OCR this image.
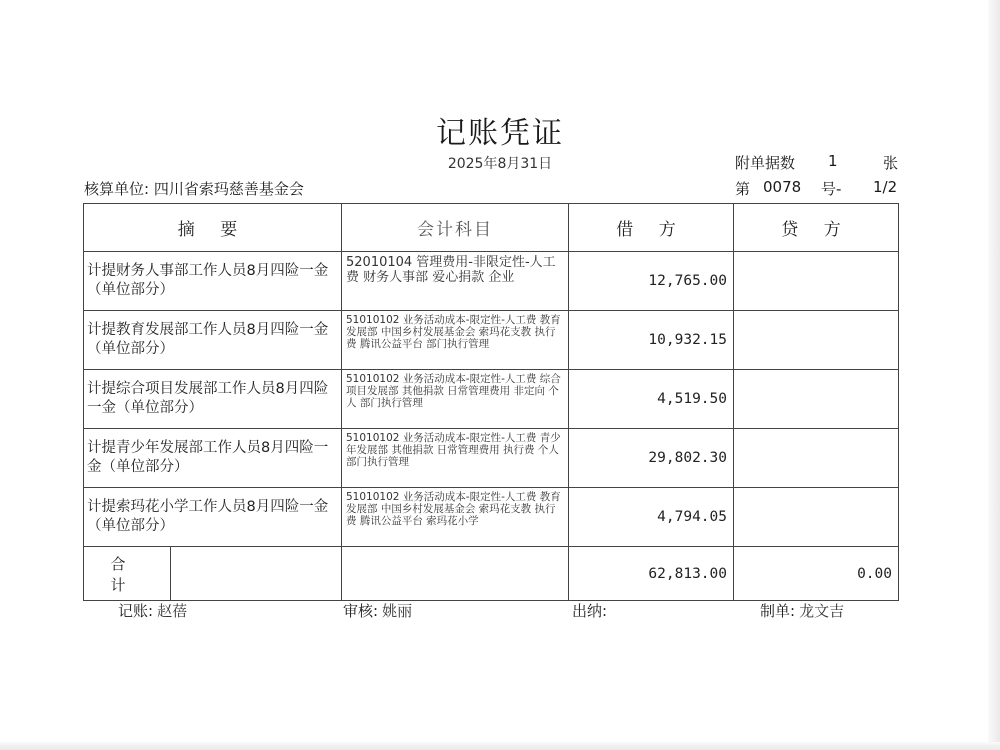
记账凭证
2025年8月31日	附单据数 1	张
核算单位: 四川省索玛慈善基金会	第 0078 号- 1/2
摘 要	会计科目	借 方	贷 方
计提财务人事部工作人员8月四险一金（单位部分）	52010104 管理费用-非限定性-人工费 财务人事部 爱心捐款 企业	12,765.00	
计提教育发展部工作人员8月四险一金（单位部分）	51010102 业务活动成本-限定性-人工费 教育发展部 中国乡村发展基金会 索玛花支教 执行费 腾讯公益平台 部门执行管理	10,932.15	
计提综合项目发展部工作人员8月四险一金（单位部分）	51010102 业务活动成本-限定性-人工费 综合项目发展部 其他捐款 日常管理费用 非定向 个人 部门执行管理	4,519.50	
计提青少年发展部工作人员8月四险一金（单位部分）	51010102 业务活动成本-限定性-人工费 青少年发展部 其他捐款 日常管理费用 执行费 个人 部门执行管理	29,802.30	
计提索玛花小学工作人员8月四险一金（单位部分）	51010102 业务活动成本-限定性-人工费 教育发展部 中国乡村发展基金会 索玛花支教 执行费 腾讯公益平台 索玛花小学	4,794.05	

合 计		62,813.00	0.00
记账: 赵蓓	审核: 姚丽	出纳:	制单: 龙文吉
